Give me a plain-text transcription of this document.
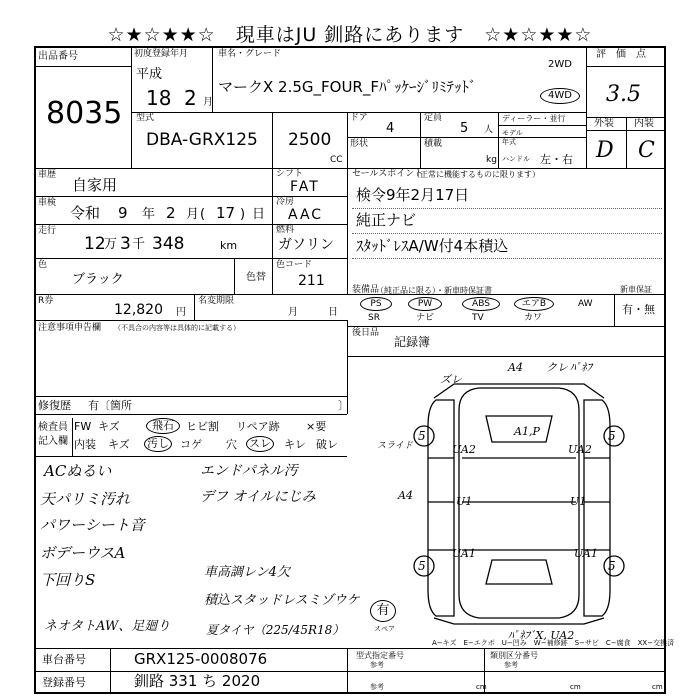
☆★☆★★☆　現車はJU 釧路にあります　☆★☆★★☆
出品番号
8035
初度登録年月
平成
18 2 月
車名・グレード
マークX 2.5G_FOUR_Fﾊﾟｯｹｰｼﾞﾘﾐﾃｯﾄﾞ
2WD
4WD
評　価　点
3.5
外装 内装
D C
型式
DBA-GRX125 2500
CC
ドア
4
定員
5 人
ディーラー・並行
形状	積載
kg
モデル
年式
ハンドル 左・右
車歴
自家用
シフト
FAT
車検
令和 9 年 2 月 ( 17 ) 日
冷房
AAC
走行
12
万 3 千 348	km
燃料
ガソリン
色
ブラック	色替
色コード
211
セールスポイント
（正常に機能するものに限ります）
検令9年2月17日
純正ナビ
ｽﾀｯﾄﾞﾚｽA/W付4本積込
R券
12,820 円
名変期限
月	日
装備品
（純正品に限る）・新車時保証書
PS	PW	ABS	エアB	AW
SR	ナビ	TV	カワ
新車保証
有・無
注意事項申告欄 （不具合の内容等は具体的に記載する）	後日品
記録簿
修復歴 有〔箇所	〕
検査員
記入欄
FW キズ	飛石	ヒビ割 リペア跡 ×要
内装 キズ 汚し コゲ 穴 スレ キレ 破レ
ACぬるい
天パリミ汚れ
パワーシート音
ボデーウスA
下回りS
ネオタトAW、足廻り
エンドパネル汚
デフ オイルにじみ
車高調レン4欠
積込スタッドレスミゾウケ
夏タイヤ（225/45R18）
有
スペア
A4 クレ ﾊﾟﾈﾌ
ズレ
A1,P
UA2	UA2
A4	U1	U1
UA1	UA1
ﾊﾟﾈﾌﾞX, UA2
スライド
5	5
5	5
A−キズ　E−エクボ　U−凹み　W−補修跡　S−サビ　C−腐食　XX−交換済
車台番号	GRX125-0008076
登録番号	釧路 331 ち 2020
型式指定番号	類別区分番号
参考	参考
参考	cm	cm	cm
